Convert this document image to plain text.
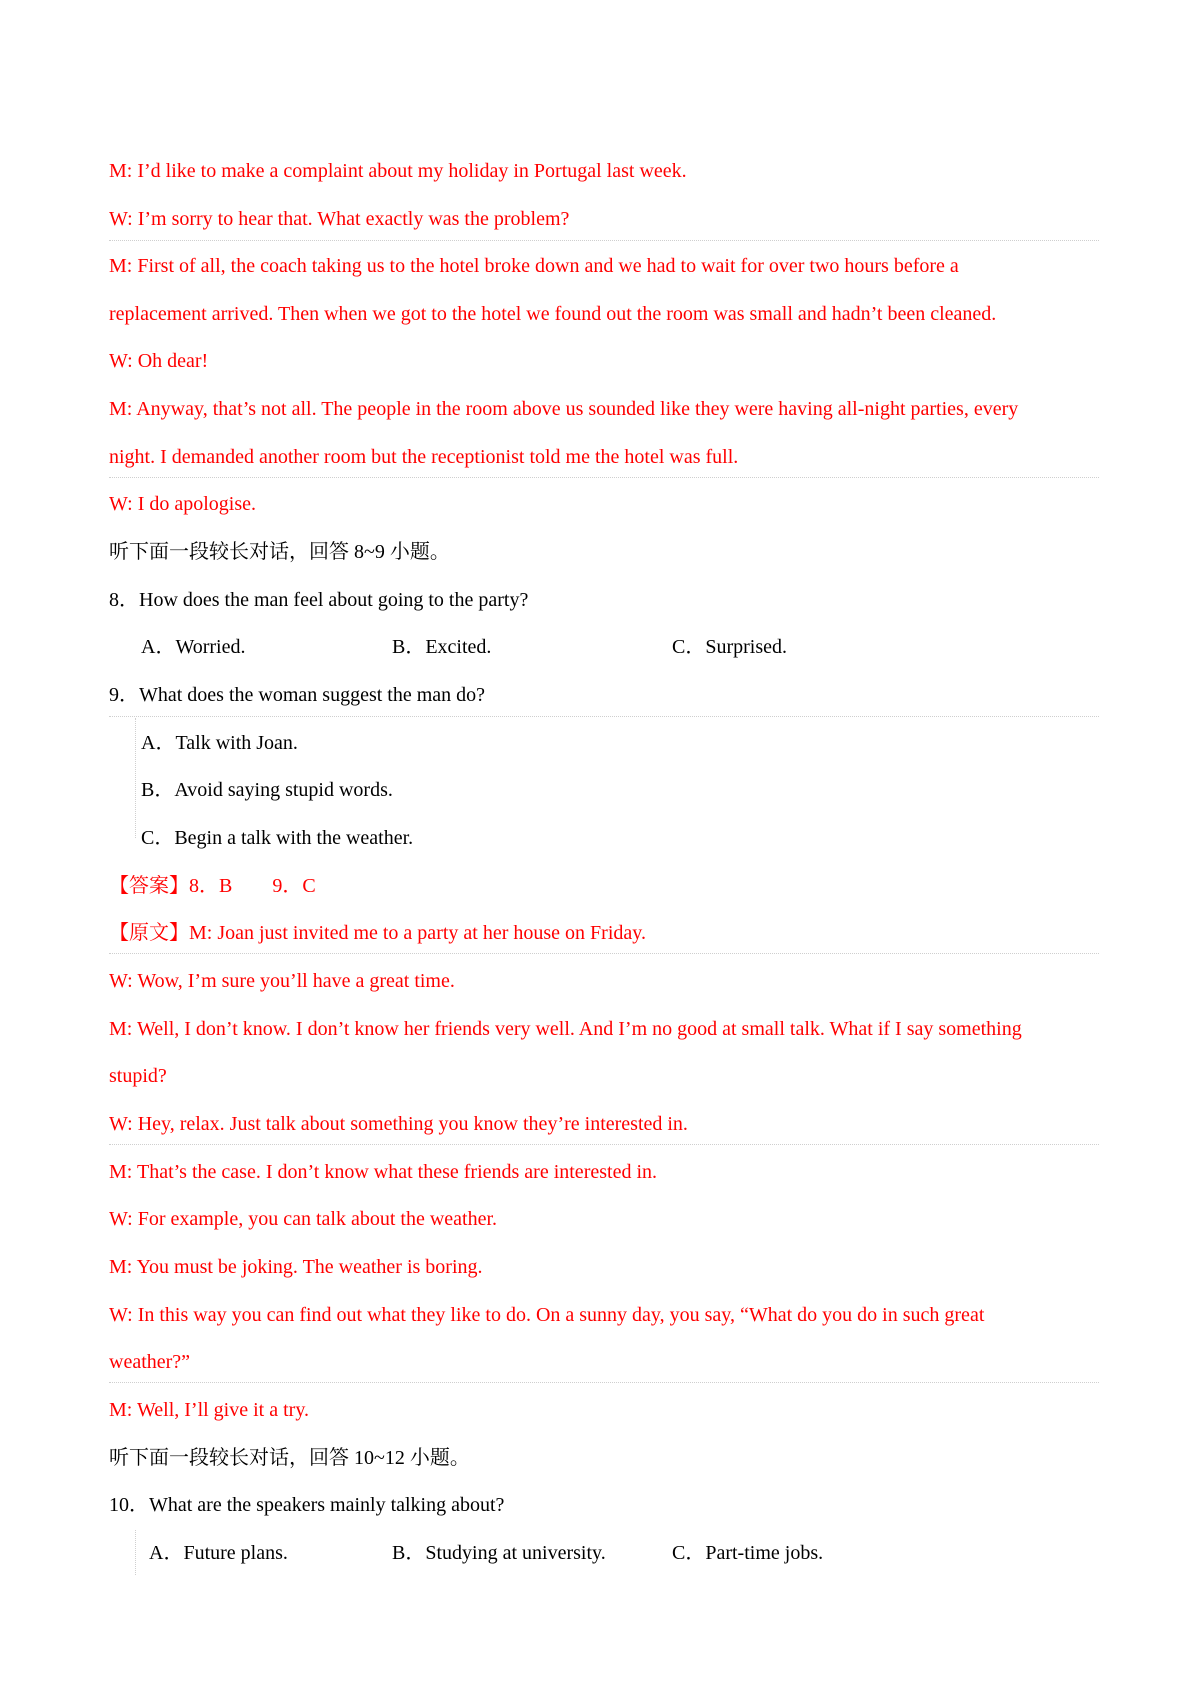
M: I’d like to make a complaint about my holiday in Portugal last week.
W: I’m sorry to hear that. What exactly was the problem?
M: First of all, the coach taking us to the hotel broke down and we had to wait for over two hours before a
replacement arrived. Then when we got to the hotel we found out the room was small and hadn’t been cleaned.
W: Oh dear!
M: Anyway, that’s not all. The people in the room above us sounded like they were having all-night parties, every
night. I demanded another room but the receptionist told me the hotel was full.
W: I do apologise.
听下面一段较长对话，回答 8~9 小题。
8．How does the man feel about going to the party?
A．Worried.	B．Excited.	C．Surprised.
9．What does the woman suggest the man do?
A．Talk with Joan.
B．Avoid saying stupid words.
C．Begin a talk with the weather.
【答案】8．B 9．C
【原文】M: Joan just invited me to a party at her house on Friday.
W: Wow, I’m sure you’ll have a great time.
M: Well, I don’t know. I don’t know her friends very well. And I’m no good at small talk. What if I say something
stupid?
W: Hey, relax. Just talk about something you know they’re interested in.
M: That’s the case. I don’t know what these friends are interested in.
W: For example, you can talk about the weather.
M: You must be joking. The weather is boring.
W: In this way you can find out what they like to do. On a sunny day, you say, “What do you do in such great
weather?”
M: Well, I’ll give it a try.
听下面一段较长对话，回答 10~12 小题。
10．What are the speakers mainly talking about?
A．Future plans.	B．Studying at university.	C．Part-time jobs.
